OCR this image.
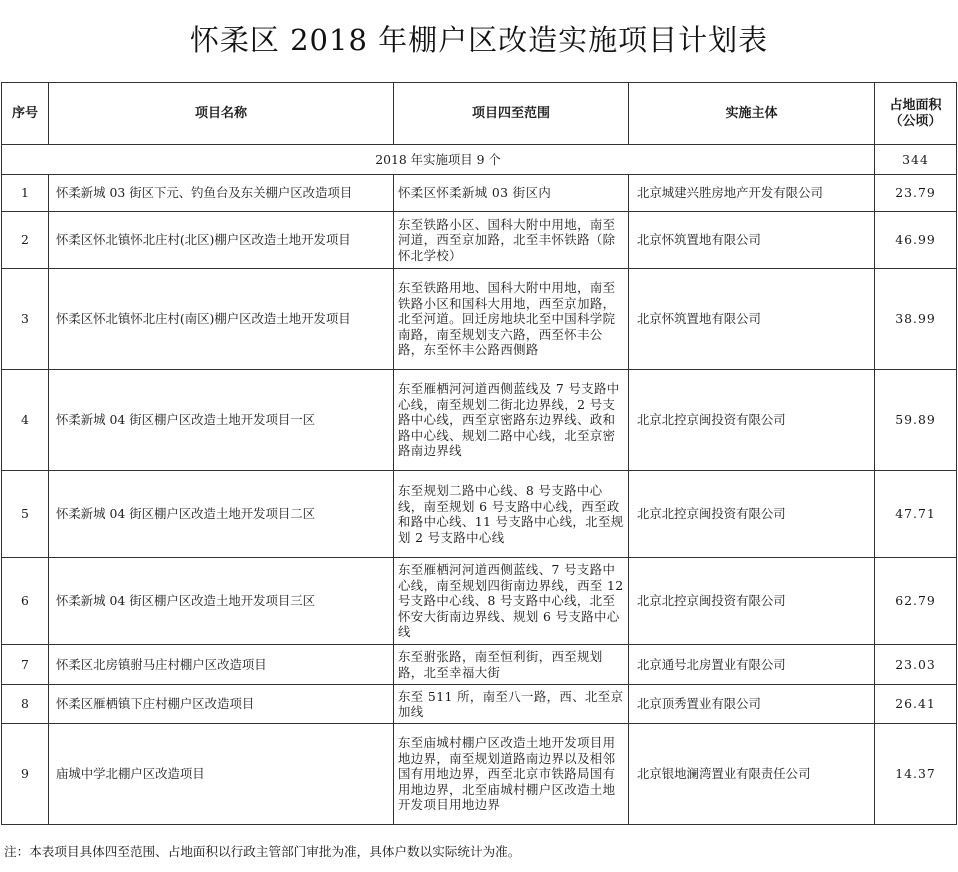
怀柔区 2018 年棚户区改造实施项目计划表
序号	项目名称	项目四至范围	实施主体	占地面积
（公顷）
2018 年实施项目 9 个				344
1	怀柔新城 03 街区下元、钓鱼台及东关棚户区改造项目	怀柔区怀柔新城 03 街区内	北京城建兴胜房地产开发有限公司	23.79
2	怀柔区怀北镇怀北庄村(北区)棚户区改造土地开发项目	东至铁路小区、国科大附中用地，南至河道，西至京加路，北至丰怀铁路（除怀北学校）	北京怀筑置地有限公司	46.99
3	怀柔区怀北镇怀北庄村(南区)棚户区改造土地开发项目	东至铁路用地、国科大附中用地，南至铁路小区和国科大用地，西至京加路，北至河道。回迁房地块北至中国科学院南路，南至规划支六路，西至怀丰公路，东至怀丰公路西侧路	北京怀筑置地有限公司	38.99
4	怀柔新城 04 街区棚户区改造土地开发项目一区	东至雁栖河河道西侧蓝线及 7 号支路中心线，南至规划二街北边界线，2 号支路中心线，西至京密路东边界线、政和路中心线、规划二路中心线，北至京密路南边界线	北京北控京闽投资有限公司	59.89
5	怀柔新城 04 街区棚户区改造土地开发项目二区	东至规划二路中心线、8 号支路中心线，南至规划 6 号支路中心线，西至政和路中心线、11 号支路中心线，北至规划 2 号支路中心线	北京北控京闽投资有限公司	47.71
6	怀柔新城 04 街区棚户区改造土地开发项目三区	东至雁栖河河道西侧蓝线、7 号支路中心线，南至规划四街南边界线，西至 12 号支路中心线、8 号支路中心线，北至怀安大街南边界线、规划 6 号支路中心线	北京北控京闽投资有限公司	62.79
7	怀柔区北房镇驸马庄村棚户区改造项目	东至驸张路，南至恒利街，西至规划路，北至幸福大街	北京通号北房置业有限公司	23.03
8	怀柔区雁栖镇下庄村棚户区改造项目	东至 511 所，南至八一路，西、北至京加线	北京顶秀置业有限公司	26.41
9	庙城中学北棚户区改造项目	东至庙城村棚户区改造土地开发项目用地边界，南至规划道路南边界以及相邻国有用地边界，西至北京市铁路局国有用地边界，北至庙城村棚户区改造土地开发项目用地边界	北京银地澜湾置业有限责任公司	14.37
注：本表项目具体四至范围、占地面积以行政主管部门审批为准，具体户数以实际统计为准。
